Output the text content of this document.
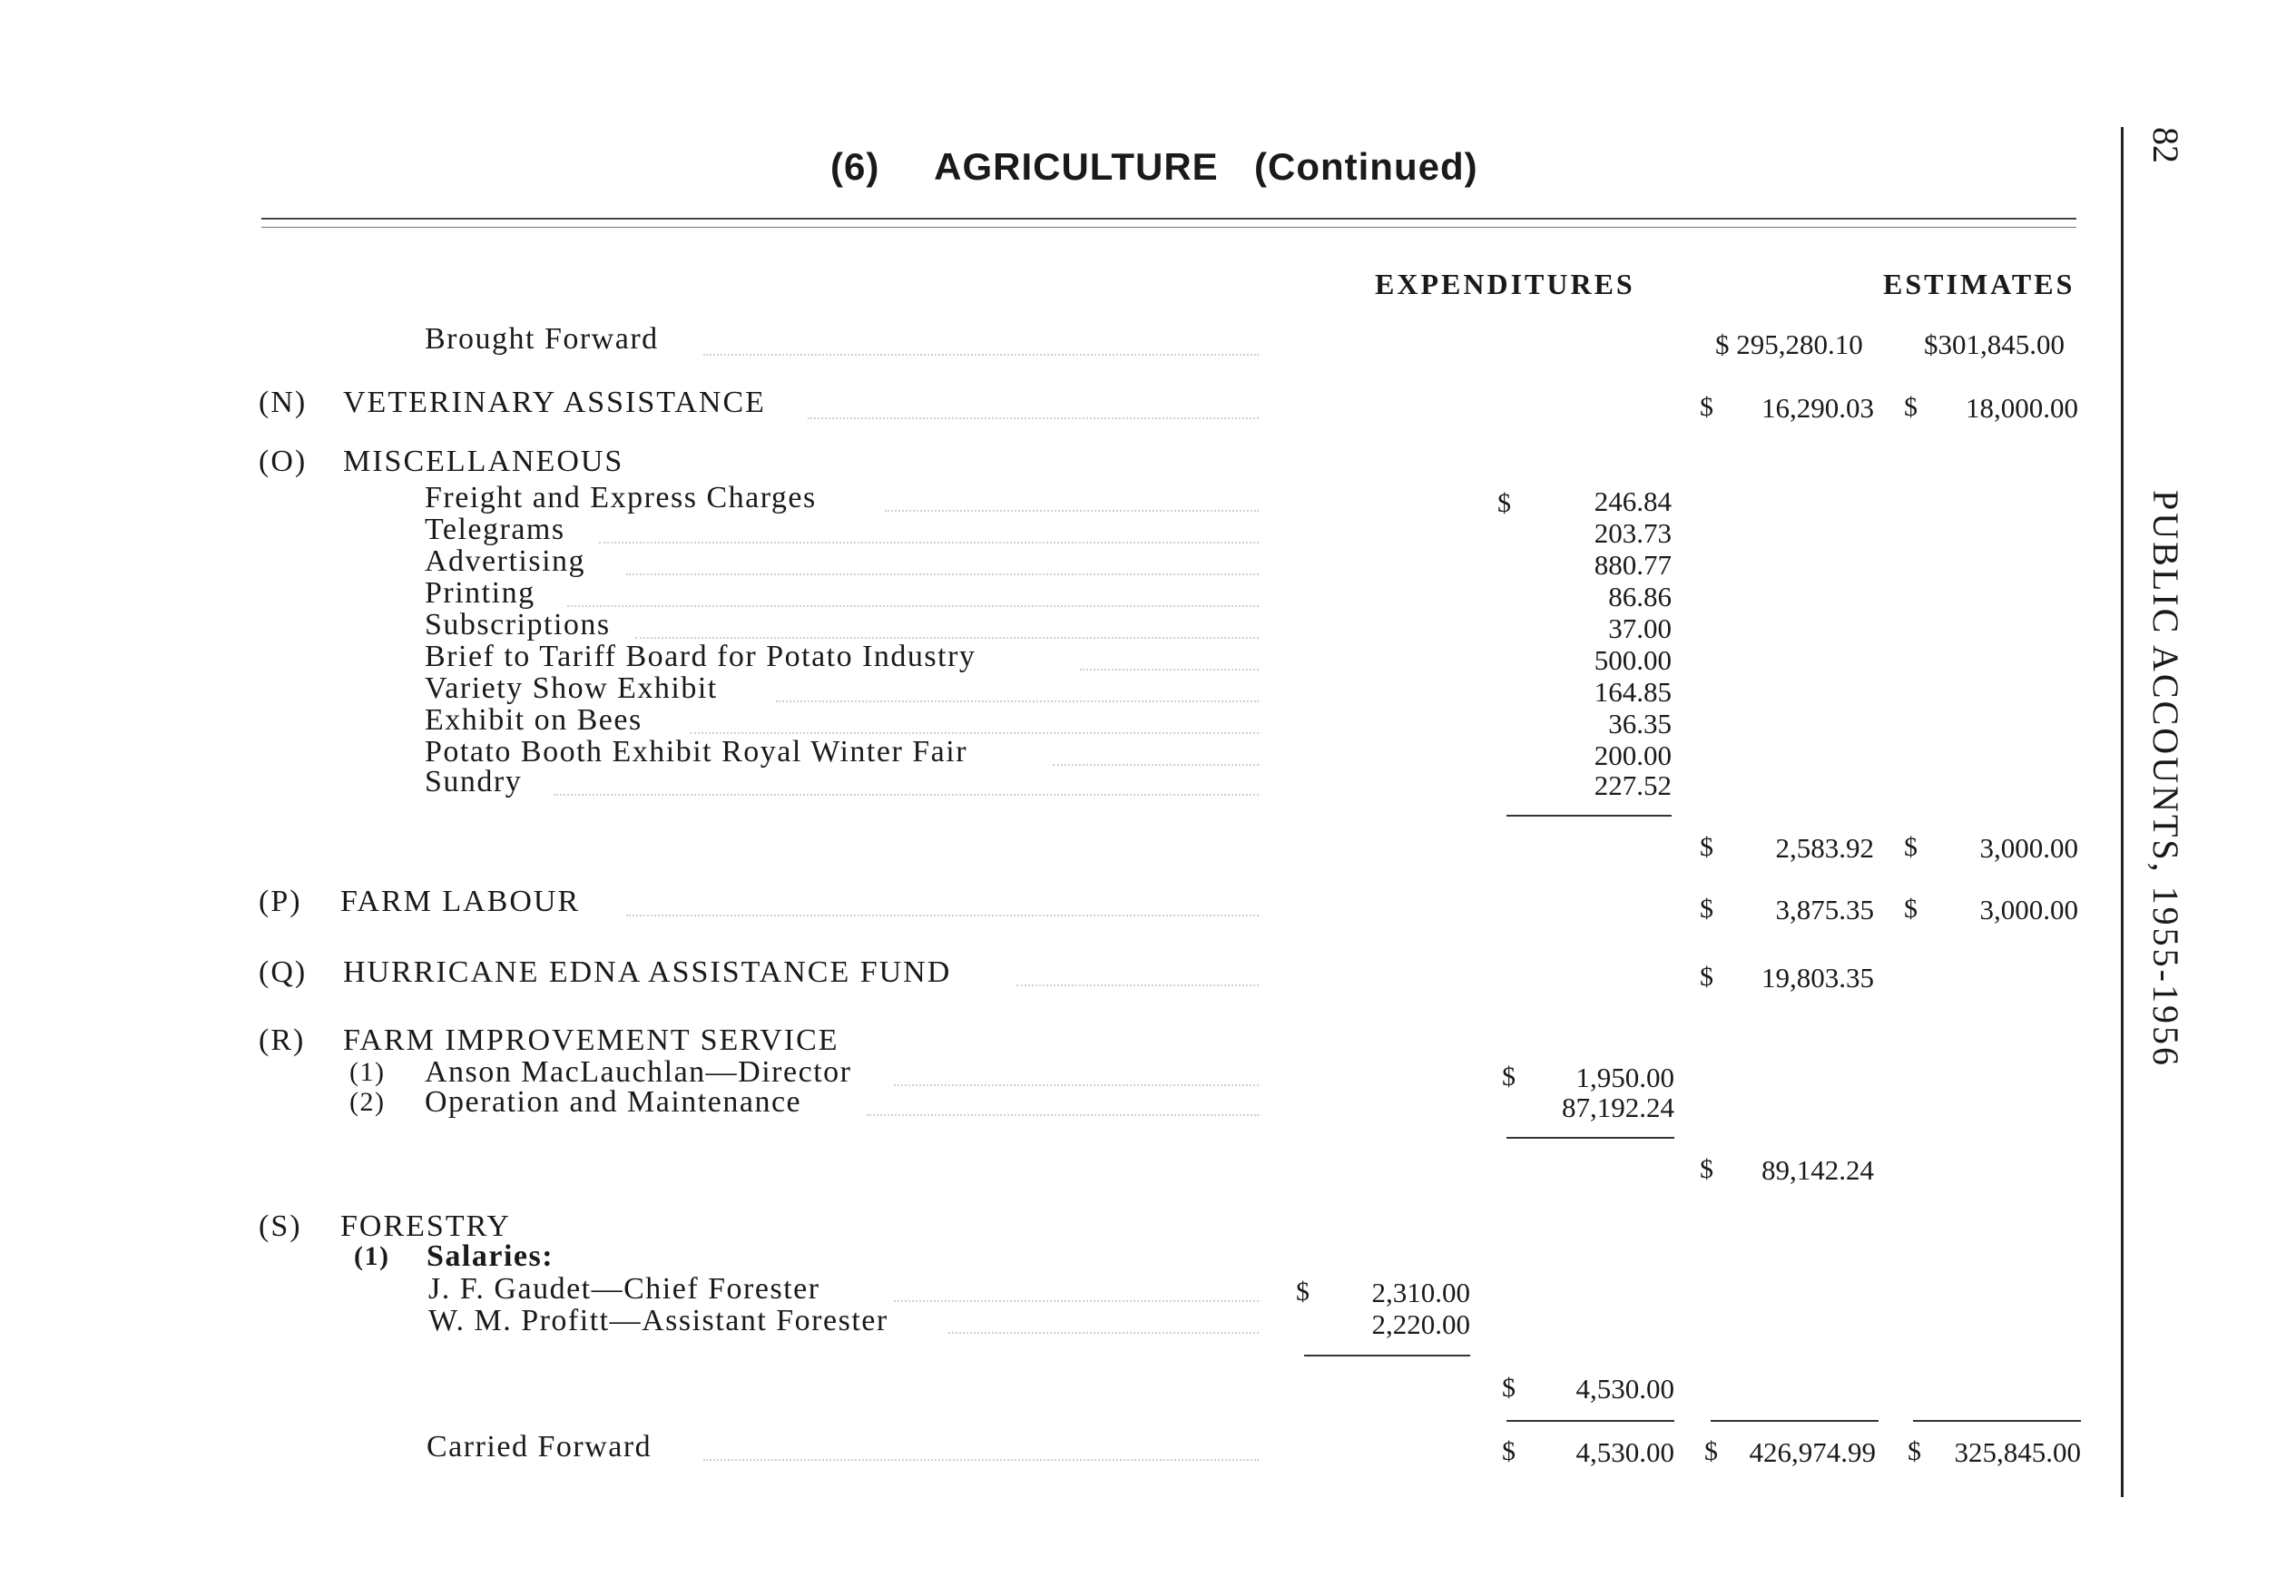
82
PUBLIC ACCOUNTS, 1955-1956
(6) AGRICULTURE (Continued)
EXPENDITURES	ESTIMATES
Brought Forward	$ 295,280.10 $301,845.00
(N) VETERINARY ASSISTANCE	$	16,290.03 $	18,000.00
(O) MISCELLANEOUS
$
Freight and Express Charges	246.84
Telegrams	203.73
Advertising	880.77
Printing	86.86
Subscriptions	37.00
Brief to Tariff Board for Potato Industry	500.00
Variety Show Exhibit	164.85
Exhibit on Bees	36.35
Potato Booth Exhibit Royal Winter Fair	200.00
Sundry	227.52
$	2,583.92 $	3,000.00
(P) FARM LABOUR	$	3,875.35 $	3,000.00
(Q) HURRICANE EDNA ASSISTANCE FUND	$	19,803.35
(R) FARM IMPROVEMENT SERVICE
(1) Anson MacLauchlan—Director	$	1,950.00
(2) Operation and Maintenance	87,192.24
$	89,142.24
(S) FORESTRY
(1) Salaries:
J. F. Gaudet—Chief Forester	$	2,310.00
W. M. Profitt—Assistant Forester	2,220.00
$	4,530.00
Carried Forward	$	4,530.00 $	426,974.99 $	325,845.00
